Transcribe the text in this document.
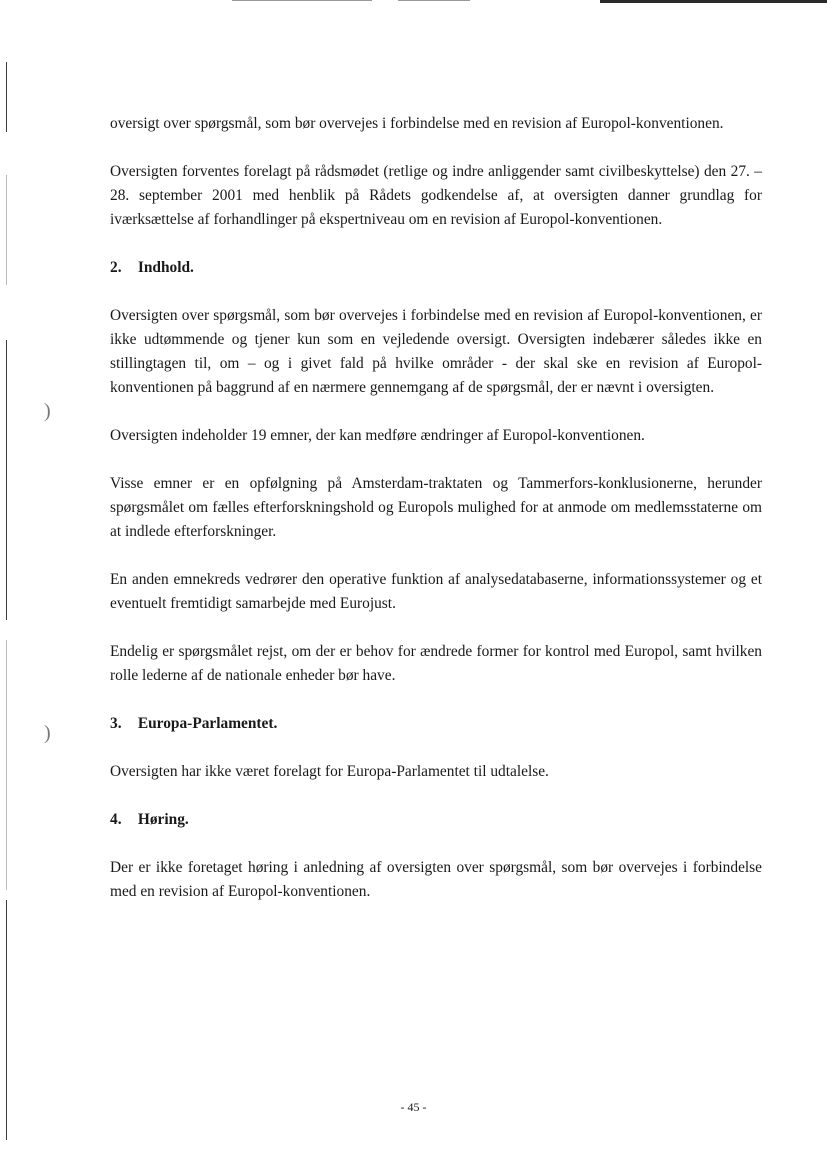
)
)

oversigt over spørgsmål, som bør overvejes i forbindelse med en revision af Europol-konventionen.

Oversigten forventes forelagt på rådsmødet (retlige og indre anliggender samt civilbeskyttelse) den 27. – 28. september 2001 med henblik på Rådets godkendelse af, at oversigten danner grundlag for iværksættelse af forhandlinger på ekspertniveau om en revision af Europol-konventionen.

2. Indhold.

Oversigten over spørgsmål, som bør overvejes i forbindelse med en revision af Europol-konventionen, er ikke udtømmende og tjener kun som en vejledende oversigt. Oversigten indebærer således ikke en stillingtagen til, om – og i givet fald på hvilke områder - der skal ske en revision af Europol-konventionen på baggrund af en nærmere gennemgang af de spørgsmål, der er nævnt i oversigten.

Oversigten indeholder 19 emner, der kan medføre ændringer af Europol-konventionen.

Visse emner er en opfølgning på Amsterdam-traktaten og Tammerfors-konklusionerne, herunder spørgsmålet om fælles efterforskningshold og Europols mulighed for at anmode om medlemsstaterne om at indlede efterforskninger.

En anden emnekreds vedrører den operative funktion af analysedatabaserne, informationssystemer og et eventuelt fremtidigt samarbejde med Eurojust.

Endelig er spørgsmålet rejst, om der er behov for ændrede former for kontrol med Europol, samt hvilken rolle lederne af de nationale enheder bør have.

3. Europa-Parlamentet.

Oversigten har ikke været forelagt for Europa-Parlamentet til udtalelse.

4. Høring.

Der er ikke foretaget høring i anledning af oversigten over spørgsmål, som bør overvejes i forbindelse med en revision af Europol-konventionen.

- 45 -
